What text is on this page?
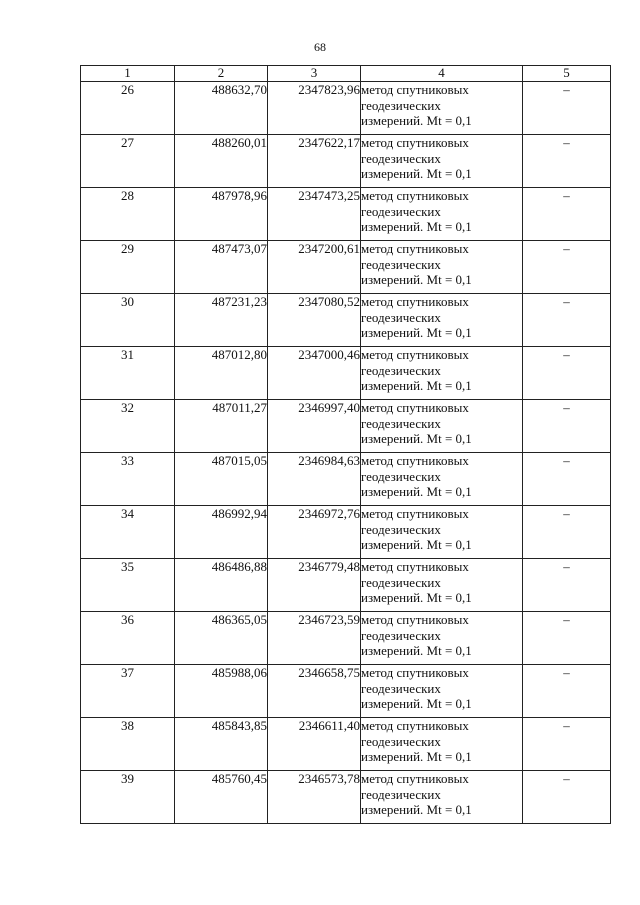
68
1	2	3	4	5
26	488632,70	2347823,96	метод спутниковых
геодезических
измерений. Mt = 0,1	–
27	488260,01	2347622,17	метод спутниковых
геодезических
измерений. Mt = 0,1	–
28	487978,96	2347473,25	метод спутниковых
геодезических
измерений. Mt = 0,1	–
29	487473,07	2347200,61	метод спутниковых
геодезических
измерений. Mt = 0,1	–
30	487231,23	2347080,52	метод спутниковых
геодезических
измерений. Mt = 0,1	–
31	487012,80	2347000,46	метод спутниковых
геодезических
измерений. Mt = 0,1	–
32	487011,27	2346997,40	метод спутниковых
геодезических
измерений. Mt = 0,1	–
33	487015,05	2346984,63	метод спутниковых
геодезических
измерений. Mt = 0,1	–
34	486992,94	2346972,76	метод спутниковых
геодезических
измерений. Mt = 0,1	–
35	486486,88	2346779,48	метод спутниковых
геодезических
измерений. Mt = 0,1	–
36	486365,05	2346723,59	метод спутниковых
геодезических
измерений. Mt = 0,1	–
37	485988,06	2346658,75	метод спутниковых
геодезических
измерений. Mt = 0,1	–
38	485843,85	2346611,40	метод спутниковых
геодезических
измерений. Mt = 0,1	–
39	485760,45	2346573,78	метод спутниковых
геодезических
измерений. Mt = 0,1	–
